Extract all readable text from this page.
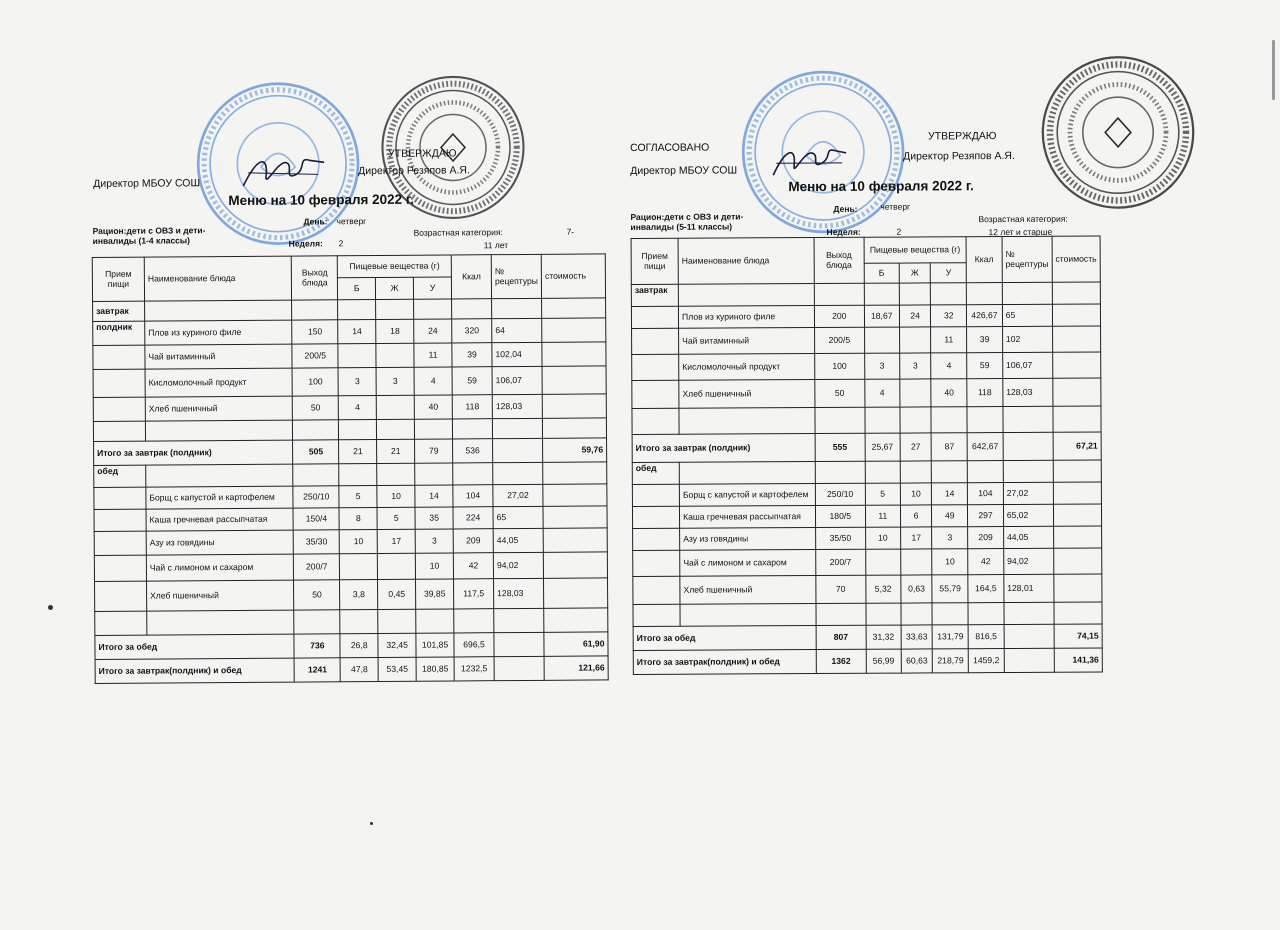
Директор МБОУ СОШ
УТВЕРЖДАЮ
Директор Резяпов А.Я.
Меню на 10 февраля 2022 г.
Рацион:дети с ОВЗ и дети-инвалиды (1-4 классы)
День: четверг
Неделя: 2
Возрастная категория:	7-
11 лет
Прием пищи	Наименование блюда	Выход блюда	Пищевые вещества (г)			Ккал	№ рецептуры	стоимость
			Б	Ж	У			
завтрак								
полдник	Плов из куриного филе	150	14	18	24	320	64	
	Чай витаминный	200/5			11	39	102,04	
	Кисломолочный продукт	100	3	3	4	59	106,07	
	Хлеб пшеничный	50	4		40	118	128,03	

Итого за завтрак (полдник)		505	21	21	79	536		59,76
обед								
	Борщ с капустой и картофелем	250/10	5	10	14	104	27,02	
	Каша гречневая рассыпчатая	150/4	8	5	35	224	65	
	Азу из говядины	35/30	10	17	3	209	44,05	
	Чай с лимоном и сахаром	200/7			10	42	94,02	
	Хлеб пшеничный	50	3,8	0,45	39,85	117,5	128,03	

Итого за обед		736	26,8	32,45	101,85	696,5		61,90
Итого за завтрак(полдник) и обед		1241	47,8	53,45	180,85	1232,5		121,66
СОГЛАСОВАНО
УТВЕРЖДАЮ
Директор МБОУ СОШ
Директор Резяпов А.Я.
Меню на 10 февраля 2022 г.
Рацион:дети с ОВЗ и дети-инвалиды (5-11 классы)
День:	четверг
Неделя:	2
Возрастная категория:
12 лет и старше
Прием пищи	Наименование блюда	Выход блюда	Пищевые вещества (г)			Ккал	№ рецептуры	стоимость
			Б	Ж	У			
завтрак								
	Плов из куриного филе	200	18,67	24	32	426,67	65	
	Чай витаминный	200/5			11	39	102	
	Кисломолочный продукт	100	3	3	4	59	106,07	
	Хлеб пшеничный	50	4		40	118	128,03	

Итого за завтрак (полдник)		555	25,67	27	87	642,67		67,21
обед								
	Борщ с капустой и картофелем	250/10	5	10	14	104	27,02	
	Каша гречневая рассыпчатая	180/5	11	6	49	297	65,02	
	Азу из говядины	35/50	10	17	3	209	44,05	
	Чай с лимоном и сахаром	200/7			10	42	94,02	
	Хлеб пшеничный	70	5,32	0,63	55,79	164,5	128,01	

Итого за обед		807	31,32	33,63	131,79	816,5		74,15
Итого за завтрак(полдник) и обед		1362	56,99	60,63	218,79	1459,2		141,36
